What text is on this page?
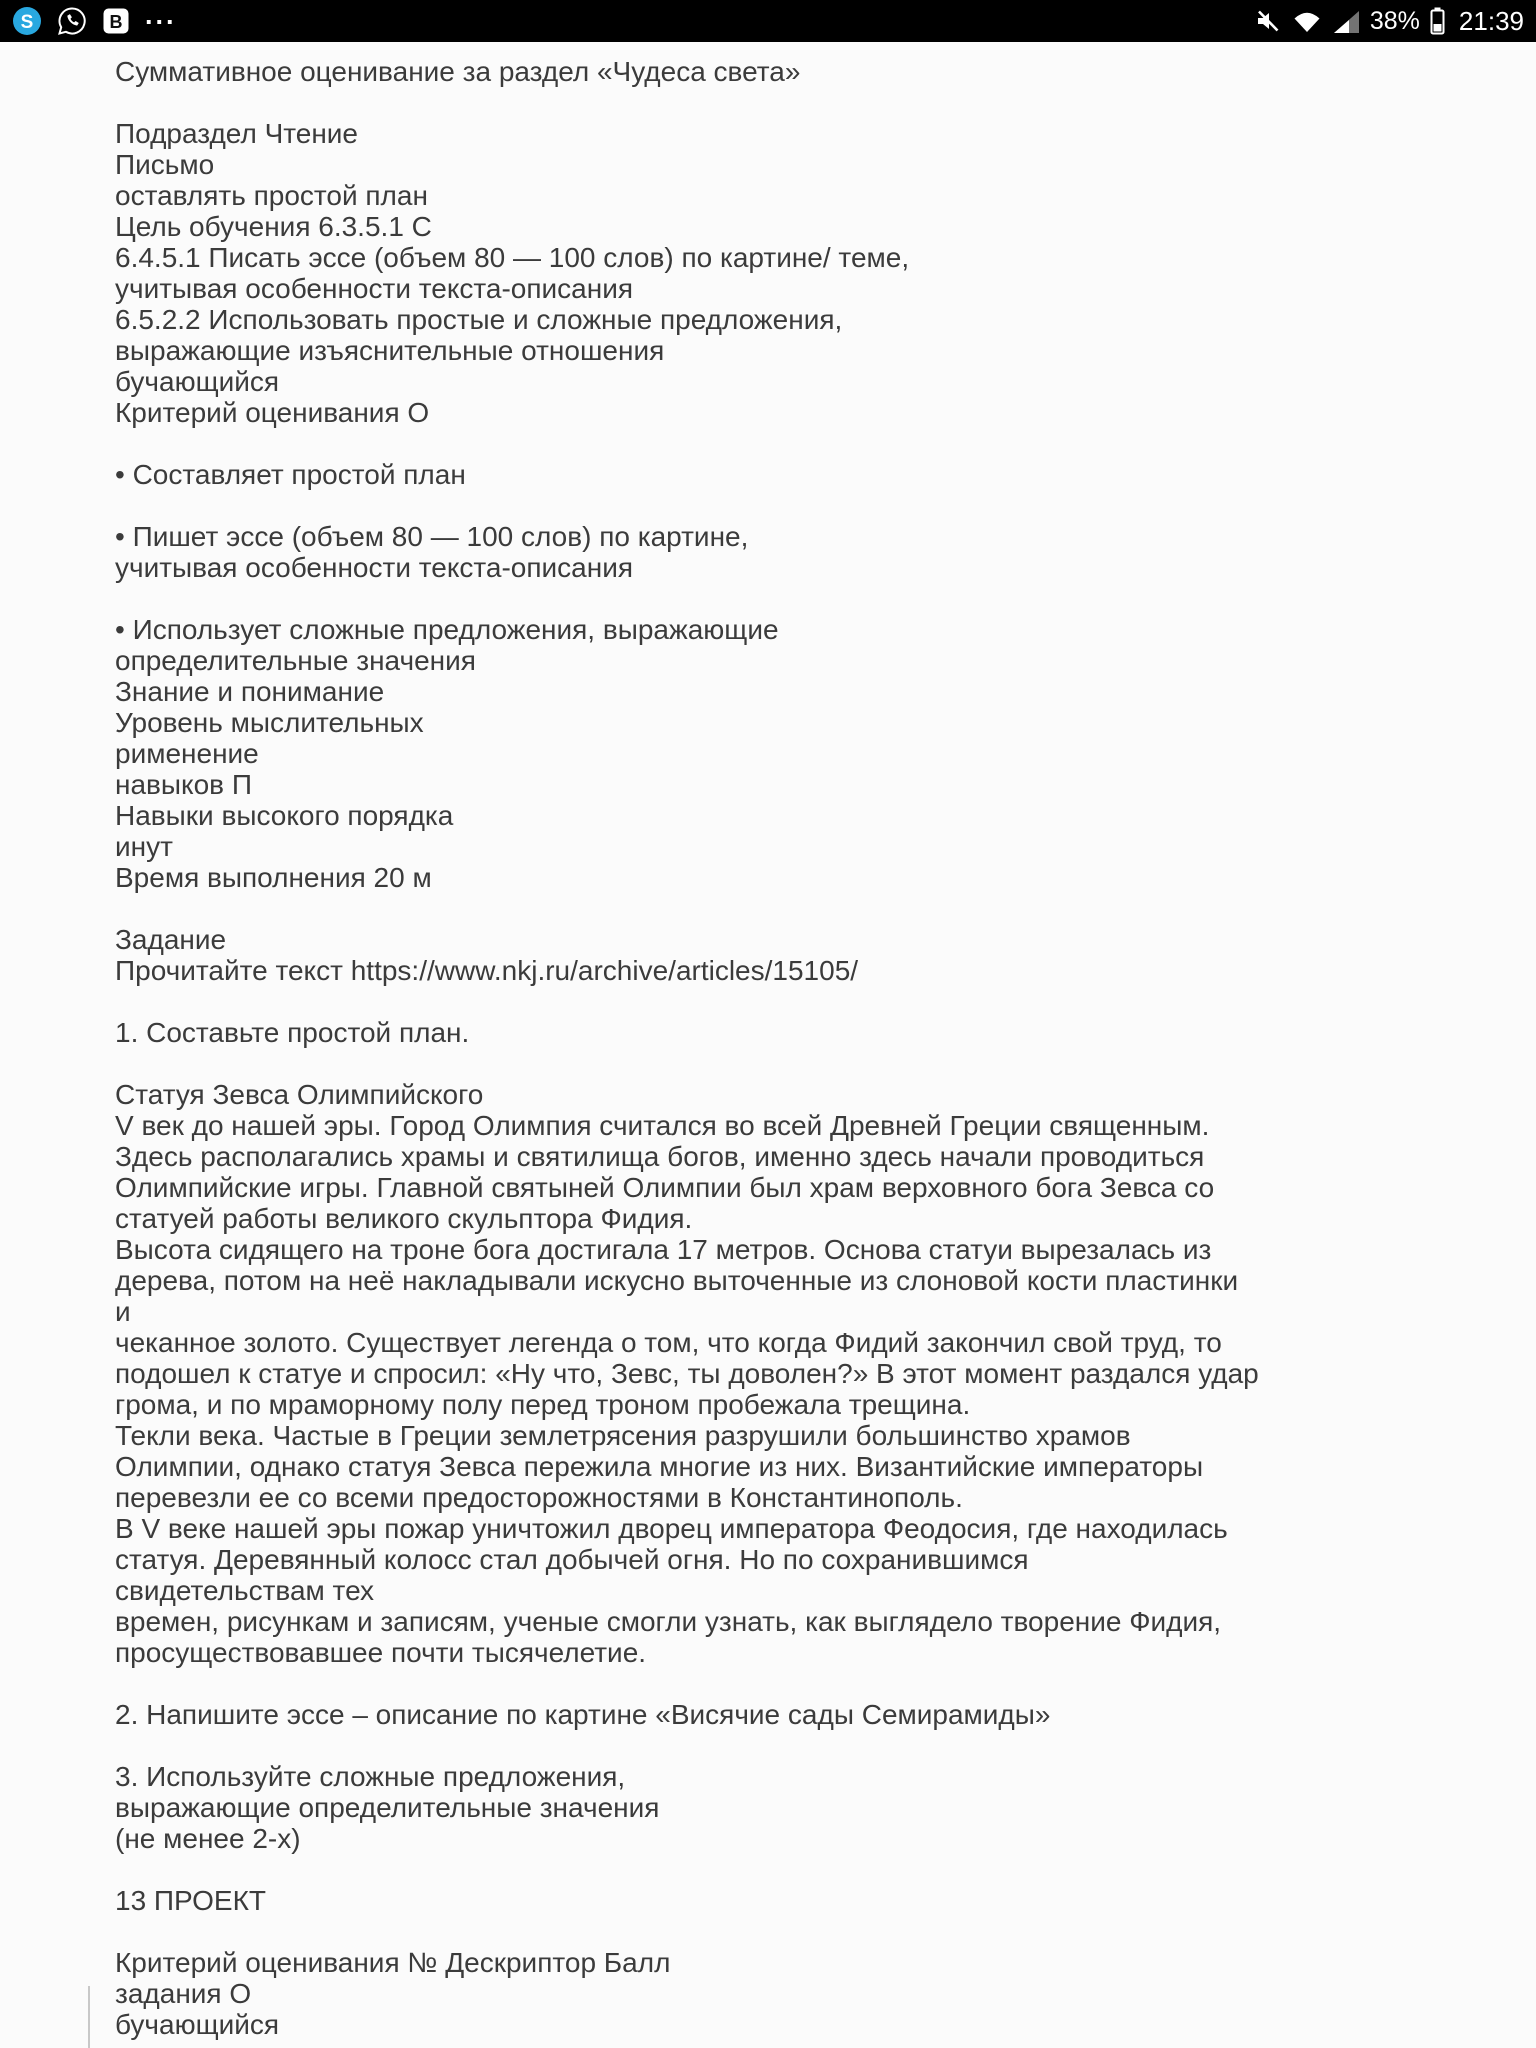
S	B ...	38% 21:39
Суммативное оценивание за раздел «Чудеса света»
Подраздел Чтение
Письмо
оставлять простой план
Цель обучения 6.3.5.1 С
6.4.5.1 Писать эссе (объем 80 — 100 слов) по картине/ теме,
учитывая особенности текста-описания
6.5.2.2 Использовать простые и сложные предложения,
выражающие изъяснительные отношения
бучающийся
Критерий оценивания О
• Составляет простой план
• Пишет эссе (объем 80 — 100 слов) по картине,
учитывая особенности текста-описания
• Использует сложные предложения, выражающие
определительные значения
Знание и понимание
Уровень мыслительных
рименение
навыков П
Навыки высокого порядка
инут
Время выполнения 20 м
Задание
Прочитайте текст https://www.nkj.ru/archive/articles/15105/
1. Составьте простой план.
Статуя Зевса Олимпийского
V век до нашей эры. Город Олимпия считался во всей Древней Греции священным.
Здесь располагались храмы и святилища богов, именно здесь начали проводиться
Олимпийские игры. Главной святыней Олимпии был храм верховного бога Зевса со
статуей работы великого скульптора Фидия.
Высота сидящего на троне бога достигала 17 метров. Основа статуи вырезалась из
дерева, потом на неё накладывали искусно выточенные из слоновой кости пластинки
и
чеканное золото. Существует легенда о том, что когда Фидий закончил свой труд, то
подошел к статуе и спросил: «Ну что, Зевс, ты доволен?» В этот момент раздался удар
грома, и по мраморному полу перед троном пробежала трещина.
Текли века. Частые в Греции землетрясения разрушили большинство храмов
Олимпии, однако статуя Зевса пережила многие из них. Византийские императоры
перевезли ее со всеми предосторожностями в Константинополь.
В V веке нашей эры пожар уничтожил дворец императора Феодосия, где находилась
статуя. Деревянный колосс стал добычей огня. Но по сохранившимся
свидетельствам тех
времен, рисункам и записям, ученые смогли узнать, как выглядело творение Фидия,
просуществовавшее почти тысячелетие.
2. Напишите эссе – описание по картине «Висячие сады Семирамиды»
3. Используйте сложные предложения,
выражающие определительные значения
(не менее 2-х)
13 ПРОЕКТ
Критерий оценивания № Дескриптор Балл
задания О
бучающийся
